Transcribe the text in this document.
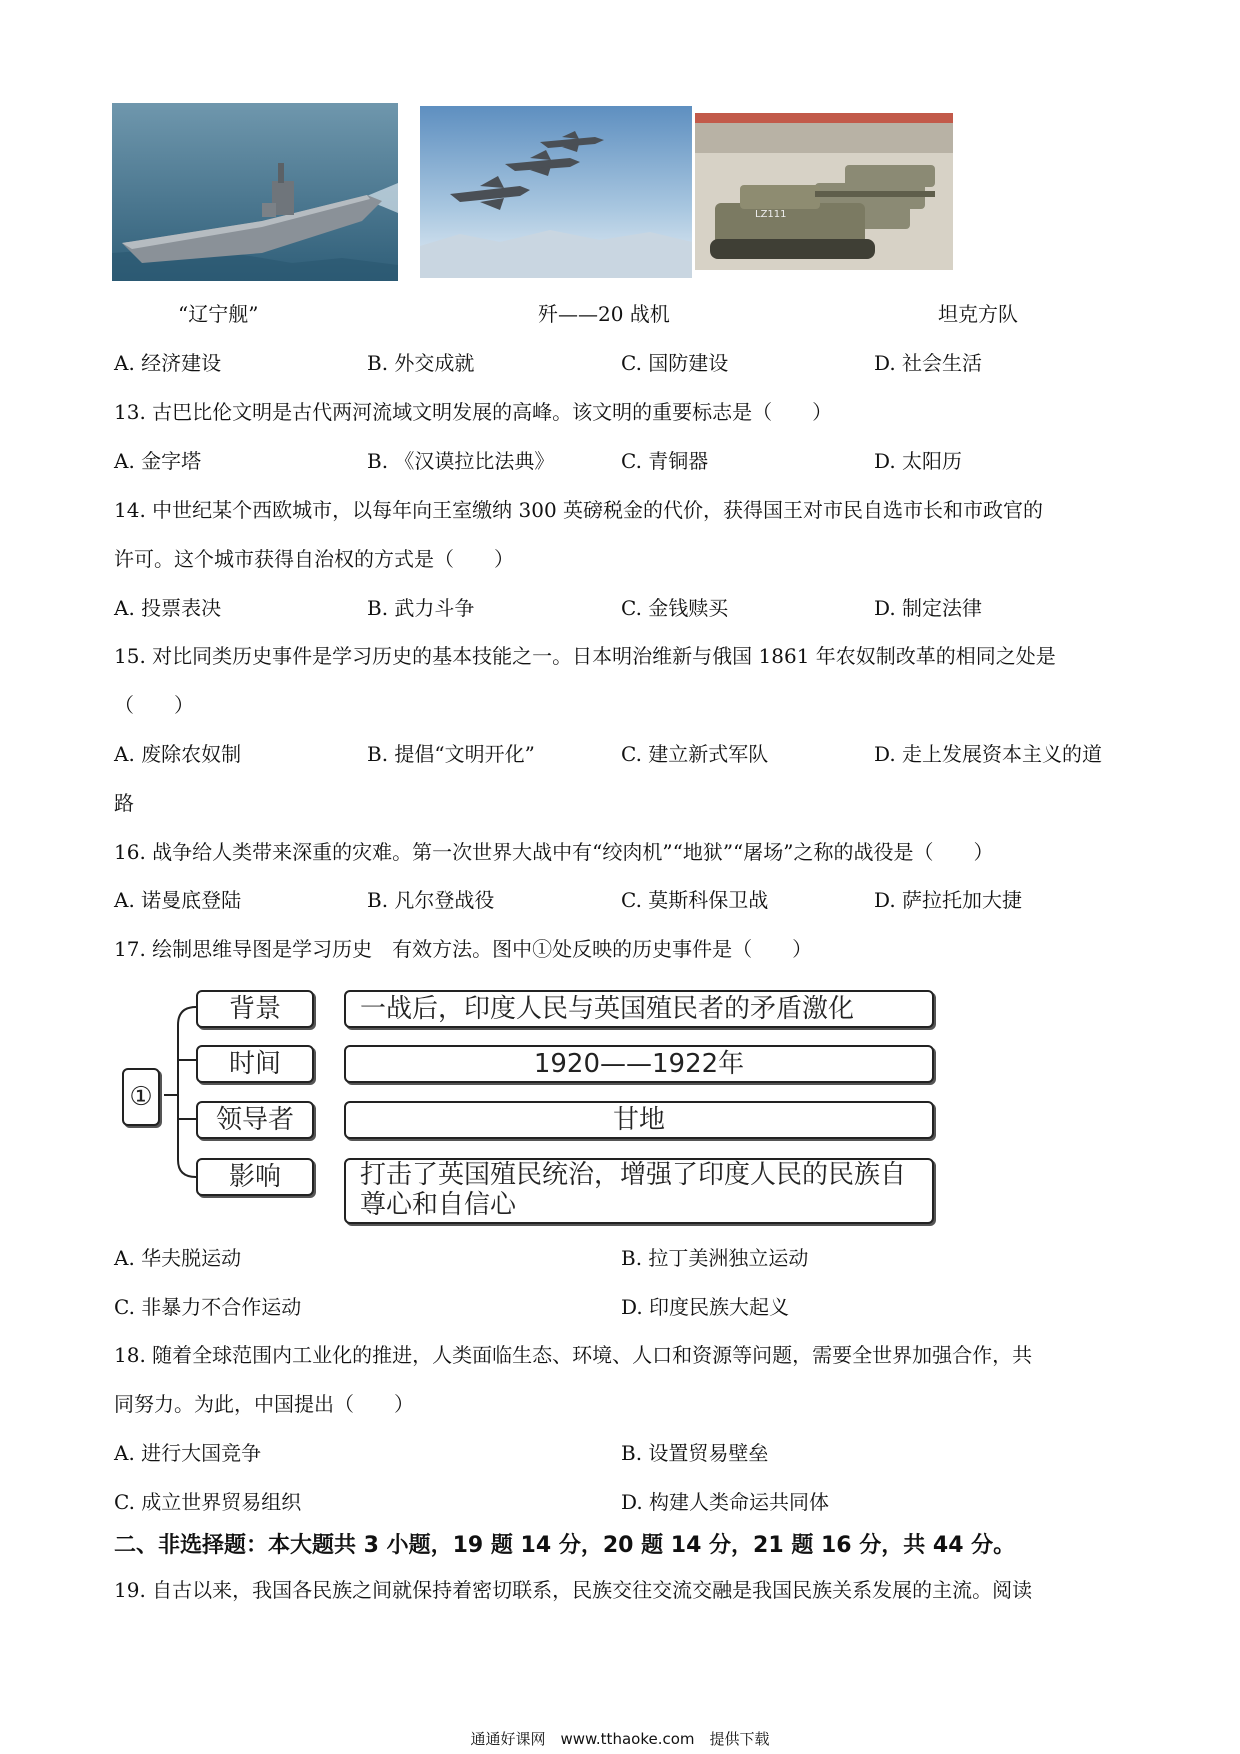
LZ111
“辽宁舰”	歼——20 战机	坦克方队
A. 经济建设	B. 外交成就	C. 国防建设	D. 社会生活
13. 古巴比伦文明是古代两河流域文明发展的高峰。该文明的重要标志是（　　）
A. 金字塔	B. 《汉谟拉比法典》	C. 青铜器	D. 太阳历
14. 中世纪某个西欧城市，以每年向王室缴纳 300 英磅税金的代价，获得国王对市民自选市长和市政官的
许可。这个城市获得自治权的方式是（　　）
A. 投票表决	B. 武力斗争	C. 金钱赎买	D. 制定法律
15. 对比同类历史事件是学习历史的基本技能之一。日本明治维新与俄国 1861 年农奴制改革的相同之处是
（　　）
A. 废除农奴制	B. 提倡“文明开化”	C. 建立新式军队	D. 走上发展资本主义的道
路
16. 战争给人类带来深重的灾难。第一次世界大战中有“绞肉机”“地狱”“屠场”之称的战役是（　　）
A. 诺曼底登陆	B. 凡尔登战役	C. 莫斯科保卫战	D. 萨拉托加大捷
17. 绘制思维导图是学习历史　有效方法。图中①处反映的历史事件是（　　）
①
背景	一战后，印度人民与英国殖民者的矛盾激化
时间	1920——1922年
领导者	甘地
影响	打击了英国殖民统治，增强了印度人民的民族自尊心和自信心
A. 华夫脱运动	B. 拉丁美洲独立运动
C. 非暴力不合作运动	D. 印度民族大起义
18. 随着全球范围内工业化的推进，人类面临生态、环境、人口和资源等问题，需要全世界加强合作，共
同努力。为此，中国提出（　　）
A. 进行大国竞争	B. 设置贸易壁垒
C. 成立世界贸易组织	D. 构建人类命运共同体
二、非选择题：本大题共 3 小题，19 题 14 分，20 题 14 分，21 题 16 分，共 44 分。
19. 自古以来，我国各民族之间就保持着密切联系，民族交往交流交融是我国民族关系发展的主流。阅读
通通好课网　www.tthaoke.com　提供下载
